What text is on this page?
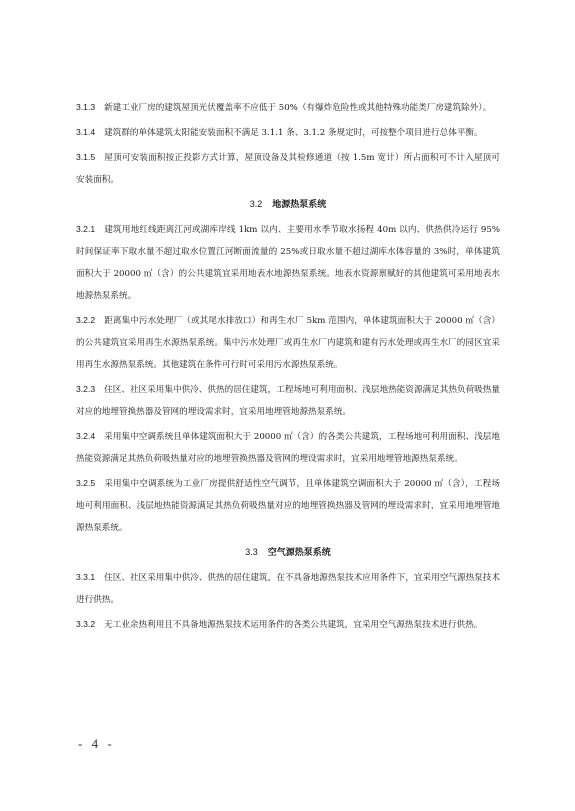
3.1.3 新建工业厂房的建筑屋顶光伏覆盖率不应低于 50%（有爆炸危险性或其他特殊功能类厂房建筑除外）。

3.1.4 建筑群的单体建筑太阳能安装面积不满足 3.1.1 条、3.1.2 条规定时，可按整个项目进行总体平衡。

3.1.5 屋顶可安装面积按正投影方式计算，屋顶设备及其检修通道（按 1.5m 宽计）所占面积可不计入屋顶可安装面积。

3.2 地源热泵系统

3.2.1 建筑用地红线距离江河或湖库岸线 1km 以内、主要用水季节取水扬程 40m 以内、供热供冷运行 95%时间保证率下取水量不超过取水位置江河断面流量的 25%或日取水量不超过湖库水体容量的 3%时，单体建筑面积大于 20000 ㎡（含）的公共建筑宜采用地表水地源热泵系统。地表水资源禀赋好的其他建筑可采用地表水地源热泵系统。

3.2.2 距离集中污水处理厂（或其尾水排放口）和再生水厂 5km 范围内，单体建筑面积大于 20000 ㎡（含）的公共建筑宜采用再生水源热泵系统。集中污水处理厂或再生水厂内建筑和建有污水处理或再生水厂的园区宜采用再生水源热泵系统。其他建筑在条件可行时可采用污水源热泵系统。

3.2.3 住区、社区采用集中供冷、供热的居住建筑，工程场地可利用面积、浅层地热能资源满足其热负荷吸热量对应的地埋管换热器及管网的埋设需求时，宜采用地埋管地源热泵系统。

3.2.4 采用集中空调系统且单体建筑面积大于 20000 ㎡（含）的各类公共建筑，工程场地可利用面积、浅层地热能资源满足其热负荷吸热量对应的地埋管换热器及管网的埋设需求时，宜采用地埋管地源热泵系统。

3.2.5 采用集中空调系统为工业厂房提供舒适性空气调节，且单体建筑空调面积大于 20000 ㎡（含），工程场地可利用面积、浅层地热能资源满足其热负荷吸热量对应的地埋管换热器及管网的埋设需求时，宜采用地埋管地源热泵系统。

3.3 空气源热泵系统

3.3.1 住区、社区采用集中供冷、供热的居住建筑，在不具备地源热泵技术应用条件下，宜采用空气源热泵技术进行供热。

3.3.2 无工业余热利用且不具备地源热泵技术运用条件的各类公共建筑，宜采用空气源热泵技术进行供热。

- 4 -
